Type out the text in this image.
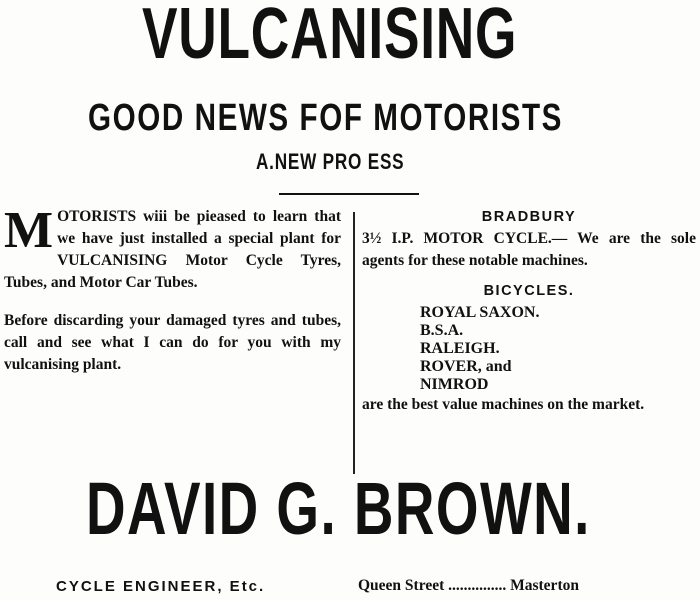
VULCANISING
GOOD NEWS FOF MOTORISTS
A.NEW PRO ESS

MOTORISTS wiii be pieased to learn that we have just installed a special plant for VULCANISING Motor Cycle Tyres, Tubes, and Motor Car Tubes.

Before discarding your damaged tyres and tubes, call and see what I can do for you with my vulcanising plant.

BRADBURY

3½ I.P. MOTOR CYCLE.— We are the sole agents for these notable machines.

BICYCLES.
ROYAL SAXON.
B.S.A.
RALEIGH.
ROVER, and
NIMROD

are the best value machines on the market.

DAVID G. BROWN.
CYCLE ENGINEER, Etc.	Queen Street ............... Masterton
